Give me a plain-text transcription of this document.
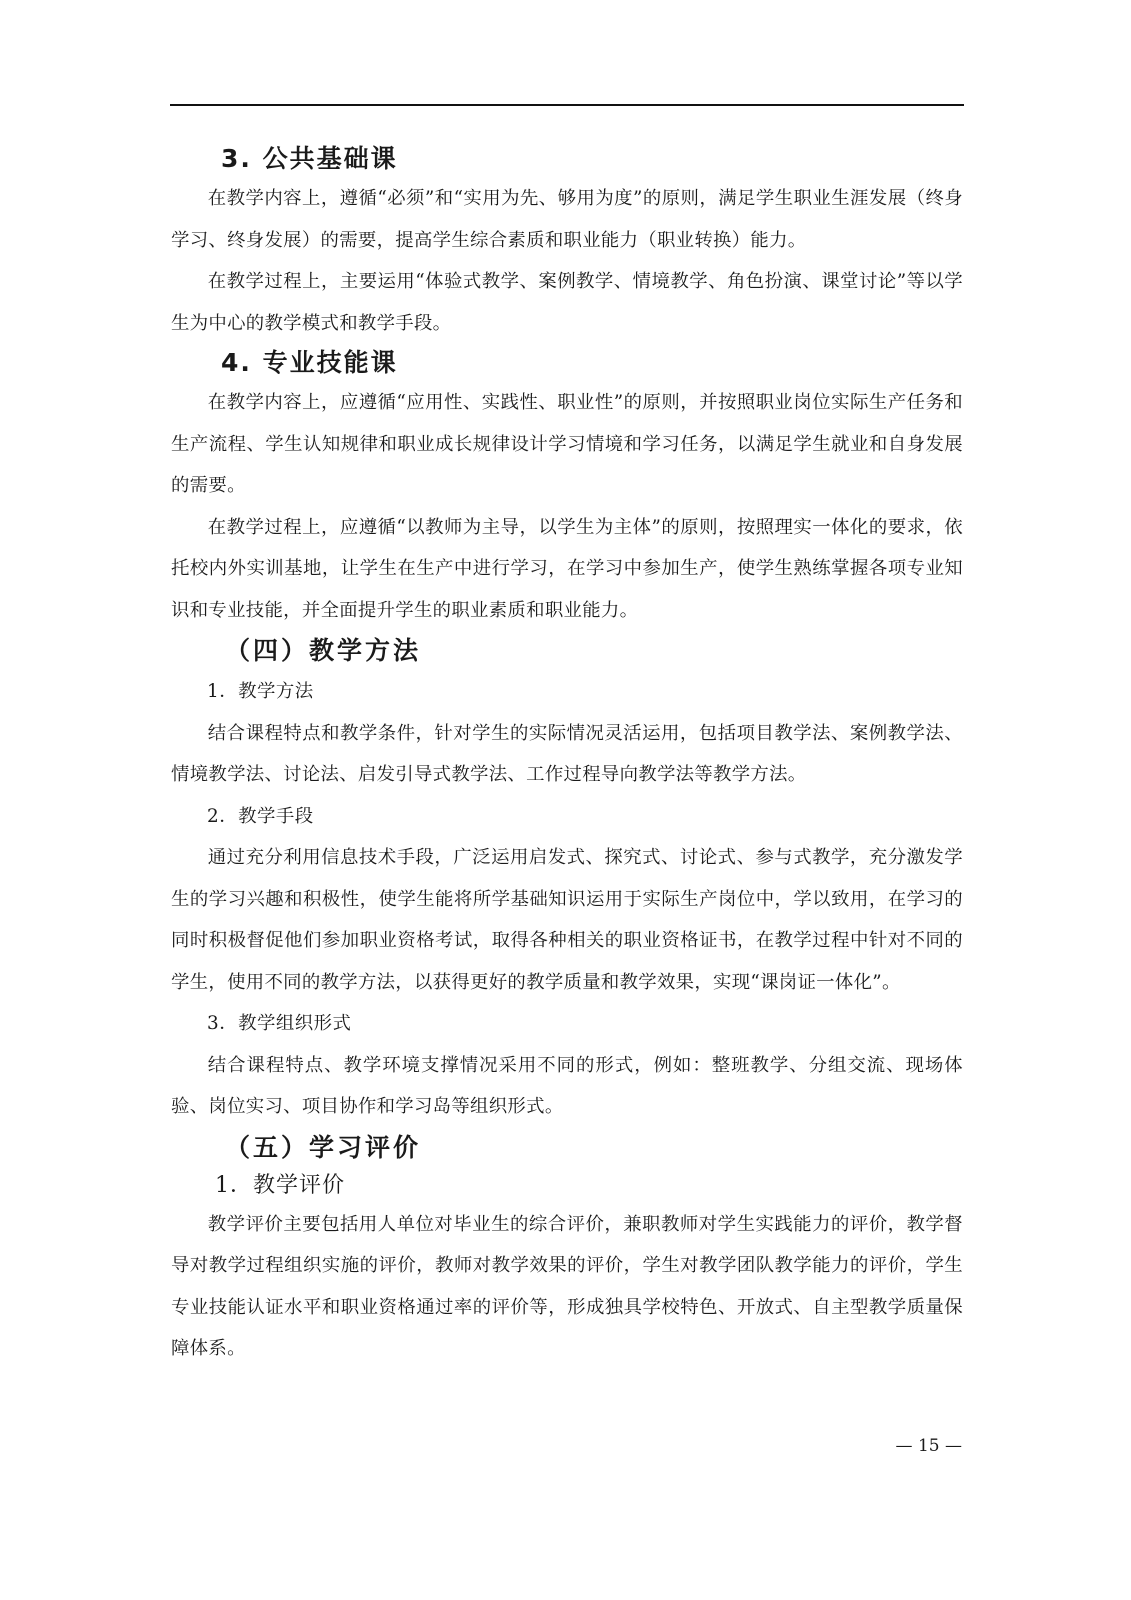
3. 公共基础课

在教学内容上，遵循“必须”和“实用为先、够用为度”的原则，满足学生职业生涯发展（终身学习、终身发展）的需要，提高学生综合素质和职业能力（职业转换）能力。

在教学过程上，主要运用“体验式教学、案例教学、情境教学、角色扮演、课堂讨论”等以学生为中心的教学模式和教学手段。

4. 专业技能课

在教学内容上，应遵循“应用性、实践性、职业性”的原则，并按照职业岗位实际生产任务和生产流程、学生认知规律和职业成长规律设计学习情境和学习任务，以满足学生就业和自身发展的需要。

在教学过程上，应遵循“以教师为主导，以学生为主体”的原则，按照理实一体化的要求，依托校内外实训基地，让学生在生产中进行学习，在学习中参加生产，使学生熟练掌握各项专业知识和专业技能，并全面提升学生的职业素质和职业能力。

（四）教学方法
1．教学方法

结合课程特点和教学条件，针对学生的实际情况灵活运用，包括项目教学法、案例教学法、情境教学法、讨论法、启发引导式教学法、工作过程导向教学法等教学方法。

2．教学手段

通过充分利用信息技术手段，广泛运用启发式、探究式、讨论式、参与式教学，充分激发学生的学习兴趣和积极性，使学生能将所学基础知识运用于实际生产岗位中，学以致用，在学习的同时积极督促他们参加职业资格考试，取得各种相关的职业资格证书，在教学过程中针对不同的学生，使用不同的教学方法，以获得更好的教学质量和教学效果，实现“课岗证一体化”。

3．教学组织形式

结合课程特点、教学环境支撑情况采用不同的形式，例如：整班教学、分组交流、现场体验、岗位实习、项目协作和学习岛等组织形式。

（五）学习评价
1．教学评价

教学评价主要包括用人单位对毕业生的综合评价，兼职教师对学生实践能力的评价，教学督导对教学过程组织实施的评价，教师对教学效果的评价，学生对教学团队教学能力的评价，学生专业技能认证水平和职业资格通过率的评价等，形成独具学校特色、开放式、自主型教学质量保障体系。

— 15 —
